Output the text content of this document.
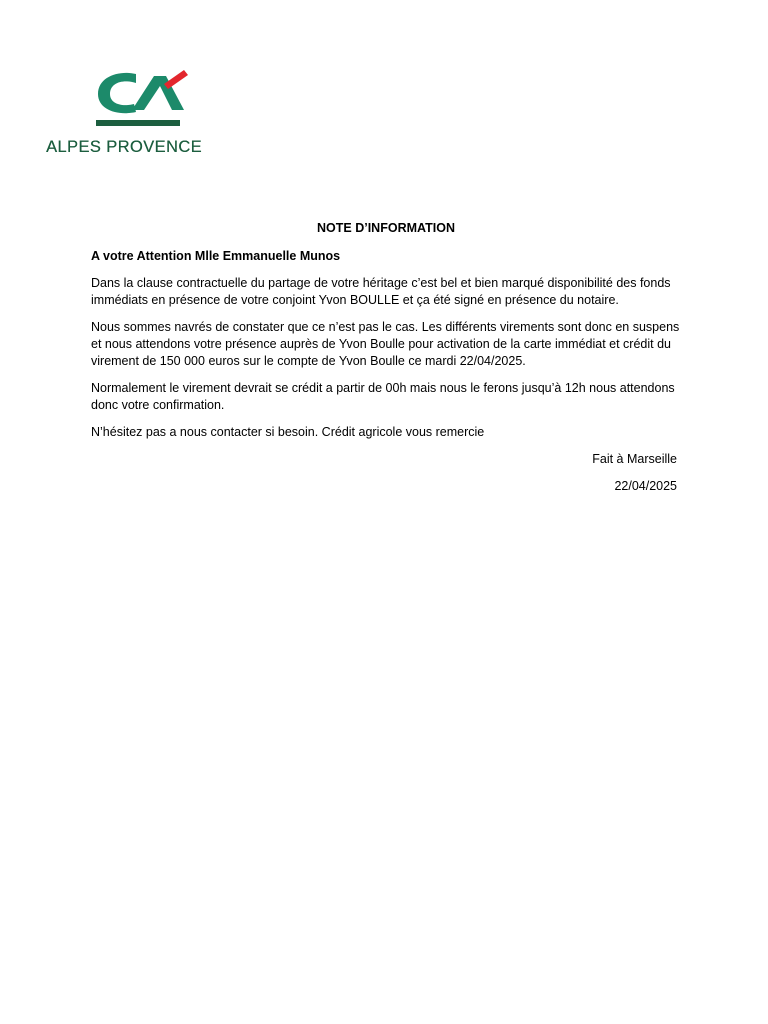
ALPES PROVENCE

NOTE D’INFORMATION

A votre Attention Mlle Emmanuelle Munos

Dans la clause contractuelle du partage de votre héritage c’est bel et bien marqué disponibilité des fonds immédiats en présence de votre conjoint Yvon BOULLE et ça été signé en présence du notaire.

Nous sommes navrés de constater que ce n’est pas le cas. Les différents virements sont donc en suspens et nous attendons votre présence auprès de Yvon Boulle pour activation de la carte immédiat et crédit du virement de 150 000 euros sur le compte de Yvon Boulle ce mardi 22/04/2025.

Normalement le virement devrait se crédit a partir de 00h mais nous le ferons jusqu’à 12h nous attendons donc votre confirmation.

N’hésitez pas a nous contacter si besoin. Crédit agricole vous remercie

Fait à Marseille

22/04/2025
